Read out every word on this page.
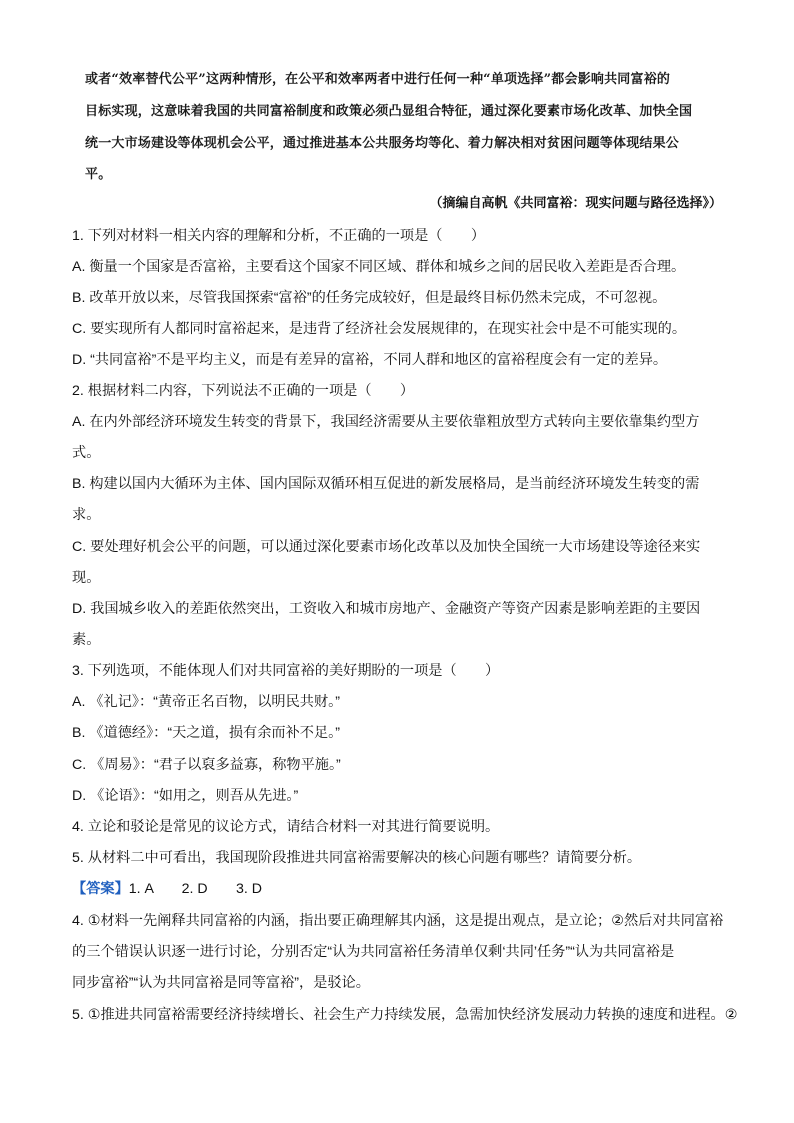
或者“效率替代公平”这两种情形，在公平和效率两者中进行任何一种“单项选择”都会影响共同富裕的
目标实现，这意味着我国的共同富裕制度和政策必须凸显组合特征，通过深化要素市场化改革、加快全国
统一大市场建设等体现机会公平，通过推进基本公共服务均等化、着力解决相对贫困问题等体现结果公
平。
（摘编自高帆《共同富裕：现实问题与路径选择》）
1. 下列对材料一相关内容的理解和分析，不正确的一项是（　　）
A. 衡量一个国家是否富裕，主要看这个国家不同区域、群体和城乡之间的居民收入差距是否合理。
B. 改革开放以来，尽管我国探索“富裕”的任务完成较好，但是最终目标仍然未完成，不可忽视。
C. 要实现所有人都同时富裕起来，是违背了经济社会发展规律的，在现实社会中是不可能实现的。
D. “共同富裕”不是平均主义，而是有差异的富裕，不同人群和地区的富裕程度会有一定的差异。
2. 根据材料二内容，下列说法不正确的一项是（　　）
A. 在内外部经济环境发生转变的背景下，我国经济需要从主要依靠粗放型方式转向主要依靠集约型方
式。
B. 构建以国内大循环为主体、国内国际双循环相互促进的新发展格局，是当前经济环境发生转变的需
求。
C. 要处理好机会公平的问题，可以通过深化要素市场化改革以及加快全国统一大市场建设等途径来实
现。
D. 我国城乡收入的差距依然突出，工资收入和城市房地产、金融资产等资产因素是影响差距的主要因
素。
3. 下列选项，不能体现人们对共同富裕的美好期盼的一项是（　　）
A. 《礼记》：“黄帝正名百物，以明民共财。”
B. 《道德经》：“天之道，损有余而补不足。”
C. 《周易》：“君子以裒多益寡，称物平施。”
D. 《论语》：“如用之，则吾从先进。”
4. 立论和驳论是常见的议论方式，请结合材料一对其进行简要说明。
5. 从材料二中可看出，我国现阶段推进共同富裕需要解决的核心问题有哪些？请简要分析。
【答案】1. A　　2. D　　3. D
4. ①材料一先阐释共同富裕的内涵，指出要正确理解其内涵，这是提出观点，是立论；②然后对共同富裕
的三个错误认识逐一进行讨论，分别否定“认为共同富裕任务清单仅剩‘共同’任务”“认为共同富裕是
同步富裕”“认为共同富裕是同等富裕”，是驳论。
5. ①推进共同富裕需要经济持续增长、社会生产力持续发展，急需加快经济发展动力转换的速度和进程。②
